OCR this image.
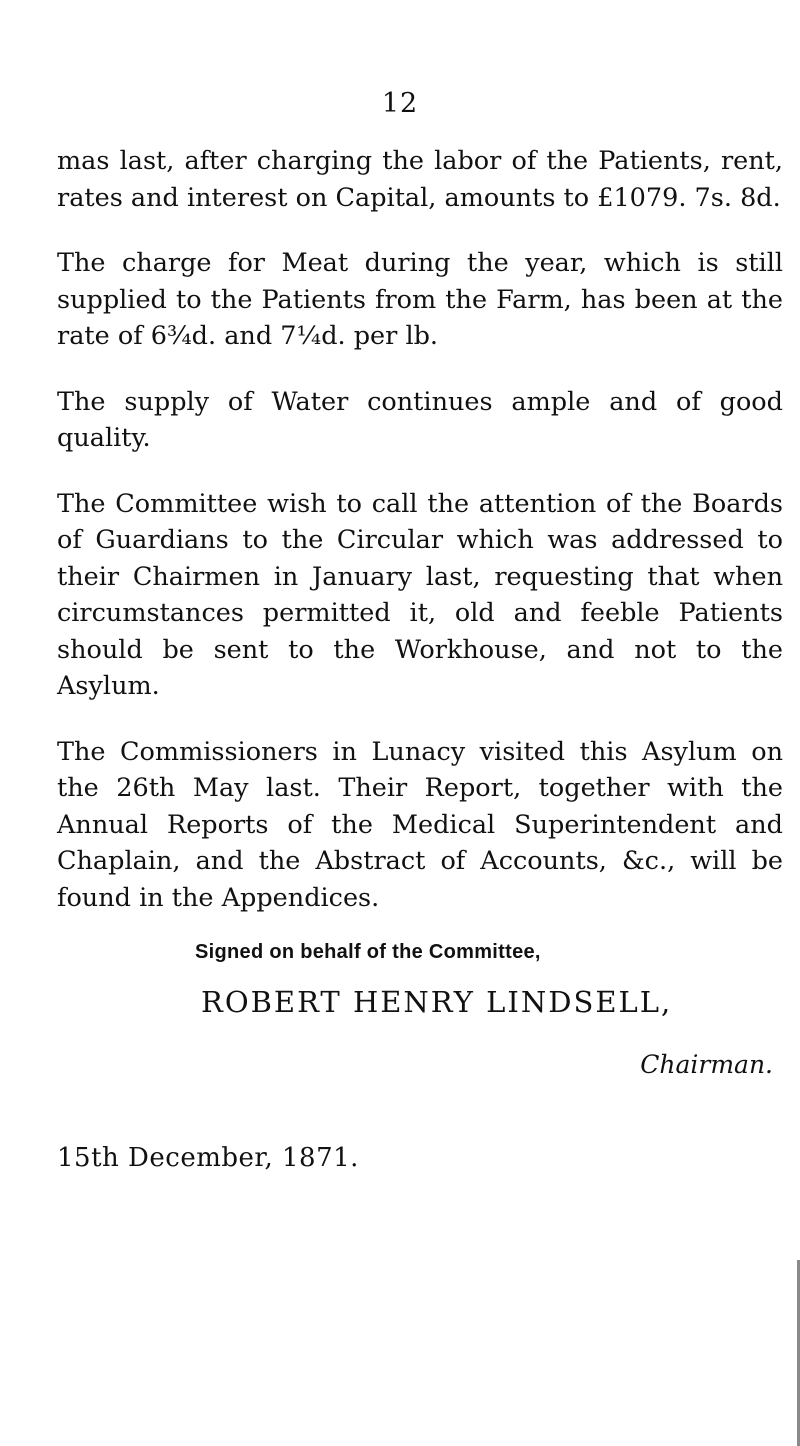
12

mas last, after charging the labor of the Patients, rent, rates and interest on Capital, amounts to £1079. 7s. 8d.

The charge for Meat during the year, which is still supplied to the Patients from the Farm, has been at the rate of 6¾d. and 7¼d. per lb.

The supply of Water continues ample and of good quality.

The Committee wish to call the attention of the Boards of Guardians to the Circular which was addressed to their Chairmen in January last, requesting that when circumstances permitted it, old and feeble Patients should be sent to the Workhouse, and not to the Asylum.

The Commissioners in Lunacy visited this Asylum on the 26th May last. Their Report, together with the Annual Reports of the Medical Superintendent and Chaplain, and the Abstract of Accounts, &c., will be found in the Appendices.

Signed on behalf of the Committee,
ROBERT HENRY LINDSELL,
Chairman.
15th December, 1871.
